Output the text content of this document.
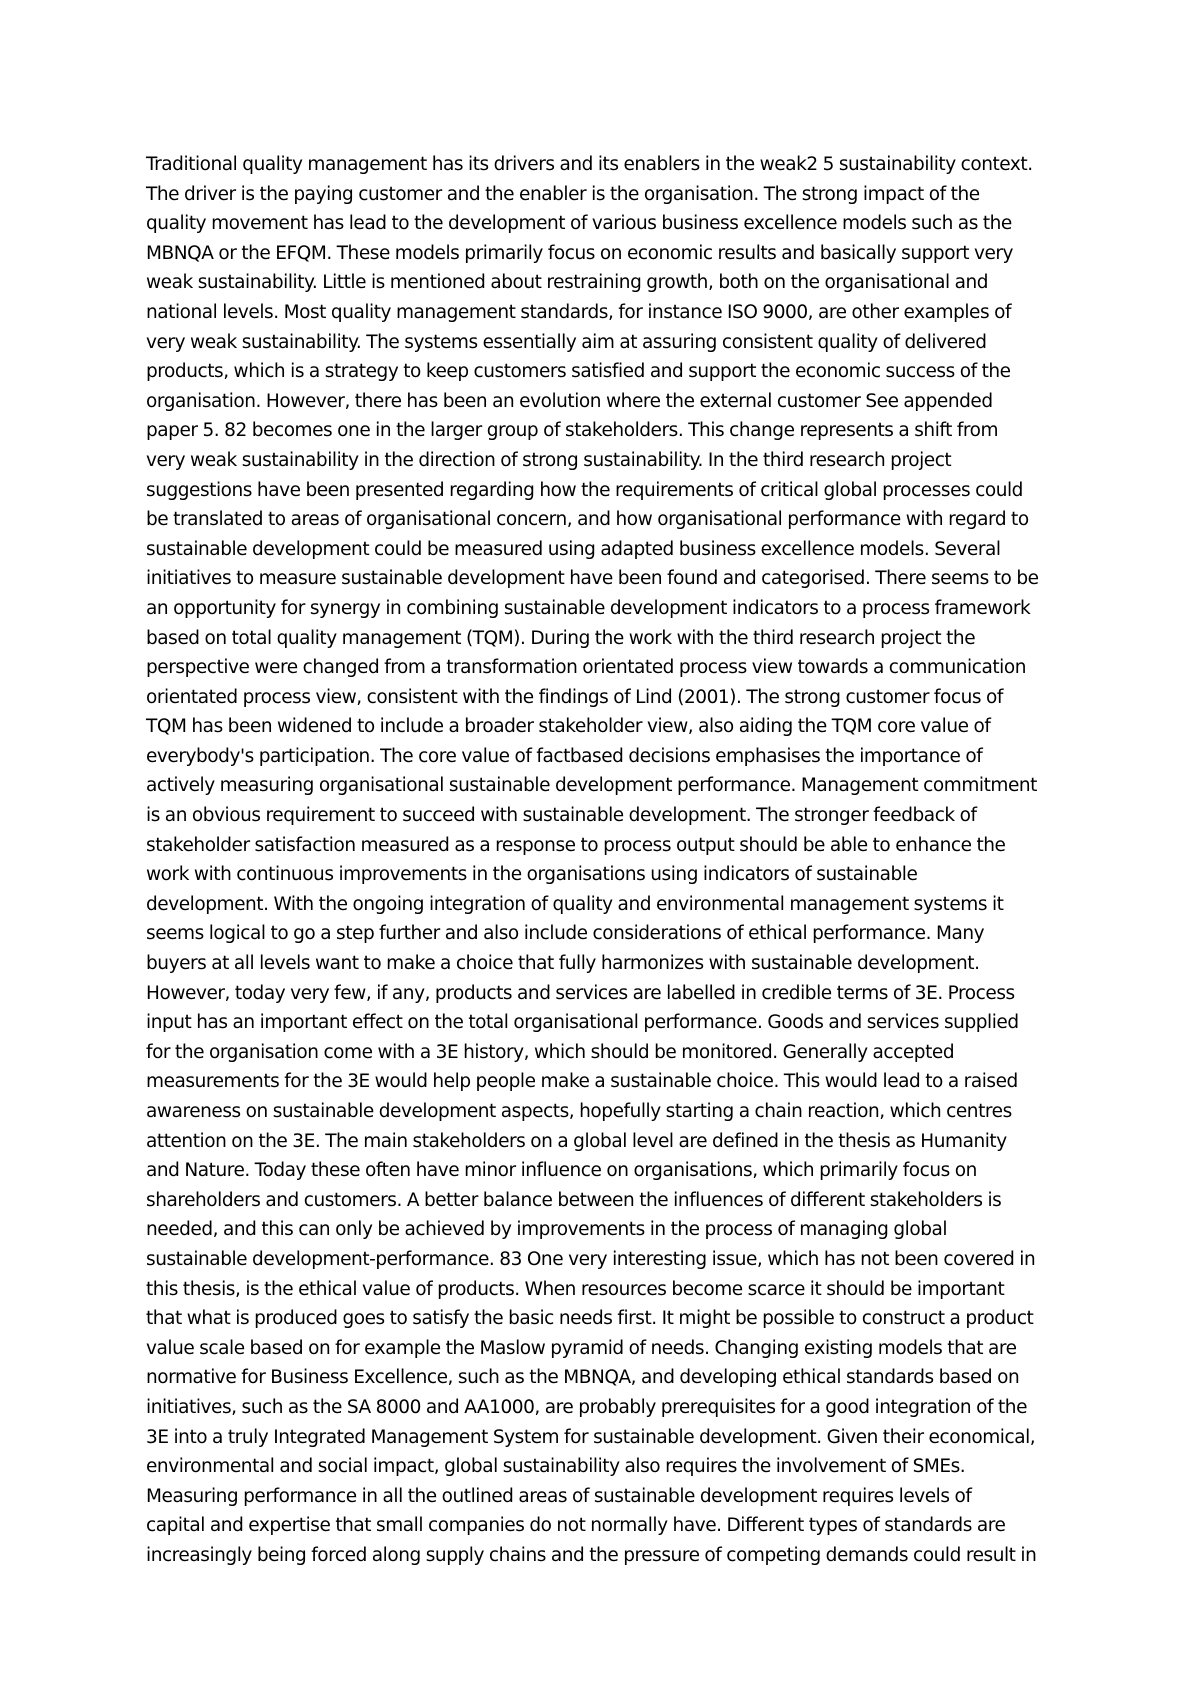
Traditional quality management has its drivers and its enablers in the weak2 5 sustainability context.
The driver is the paying customer and the enabler is the organisation. The strong impact of the
quality movement has lead to the development of various business excellence models such as the
MBNQA or the EFQM. These models primarily focus on economic results and basically support very
weak sustainability. Little is mentioned about restraining growth, both on the organisational and
national levels. Most quality management standards, for instance ISO 9000, are other examples of
very weak sustainability. The systems essentially aim at assuring consistent quality of delivered
products, which is a strategy to keep customers satisfied and support the economic success of the
organisation. However, there has been an evolution where the external customer See appended
paper 5. 82 becomes one in the larger group of stakeholders. This change represents a shift from
very weak sustainability in the direction of strong sustainability. In the third research project
suggestions have been presented regarding how the requirements of critical global processes could
be translated to areas of organisational concern, and how organisational performance with regard to
sustainable development could be measured using adapted business excellence models. Several
initiatives to measure sustainable development have been found and categorised. There seems to be
an opportunity for synergy in combining sustainable development indicators to a process framework
based on total quality management (TQM). During the work with the third research project the
perspective were changed from a transformation orientated process view towards a communication
orientated process view, consistent with the findings of Lind (2001). The strong customer focus of
TQM has been widened to include a broader stakeholder view, also aiding the TQM core value of
everybody's participation. The core value of factbased decisions emphasises the importance of
actively measuring organisational sustainable development performance. Management commitment
is an obvious requirement to succeed with sustainable development. The stronger feedback of
stakeholder satisfaction measured as a response to process output should be able to enhance the
work with continuous improvements in the organisations using indicators of sustainable
development. With the ongoing integration of quality and environmental management systems it
seems logical to go a step further and also include considerations of ethical performance. Many
buyers at all levels want to make a choice that fully harmonizes with sustainable development.
However, today very few, if any, products and services are labelled in credible terms of 3E. Process
input has an important effect on the total organisational performance. Goods and services supplied
for the organisation come with a 3E history, which should be monitored. Generally accepted
measurements for the 3E would help people make a sustainable choice. This would lead to a raised
awareness on sustainable development aspects, hopefully starting a chain reaction, which centres
attention on the 3E. The main stakeholders on a global level are defined in the thesis as Humanity
and Nature. Today these often have minor influence on organisations, which primarily focus on
shareholders and customers. A better balance between the influences of different stakeholders is
needed, and this can only be achieved by improvements in the process of managing global
sustainable development-performance. 83 One very interesting issue, which has not been covered in
this thesis, is the ethical value of products. When resources become scarce it should be important
that what is produced goes to satisfy the basic needs first. It might be possible to construct a product
value scale based on for example the Maslow pyramid of needs. Changing existing models that are
normative for Business Excellence, such as the MBNQA, and developing ethical standards based on
initiatives, such as the SA 8000 and AA1000, are probably prerequisites for a good integration of the
3E into a truly Integrated Management System for sustainable development. Given their economical,
environmental and social impact, global sustainability also requires the involvement of SMEs.
Measuring performance in all the outlined areas of sustainable development requires levels of
capital and expertise that small companies do not normally have. Different types of standards are
increasingly being forced along supply chains and the pressure of competing demands could result in
